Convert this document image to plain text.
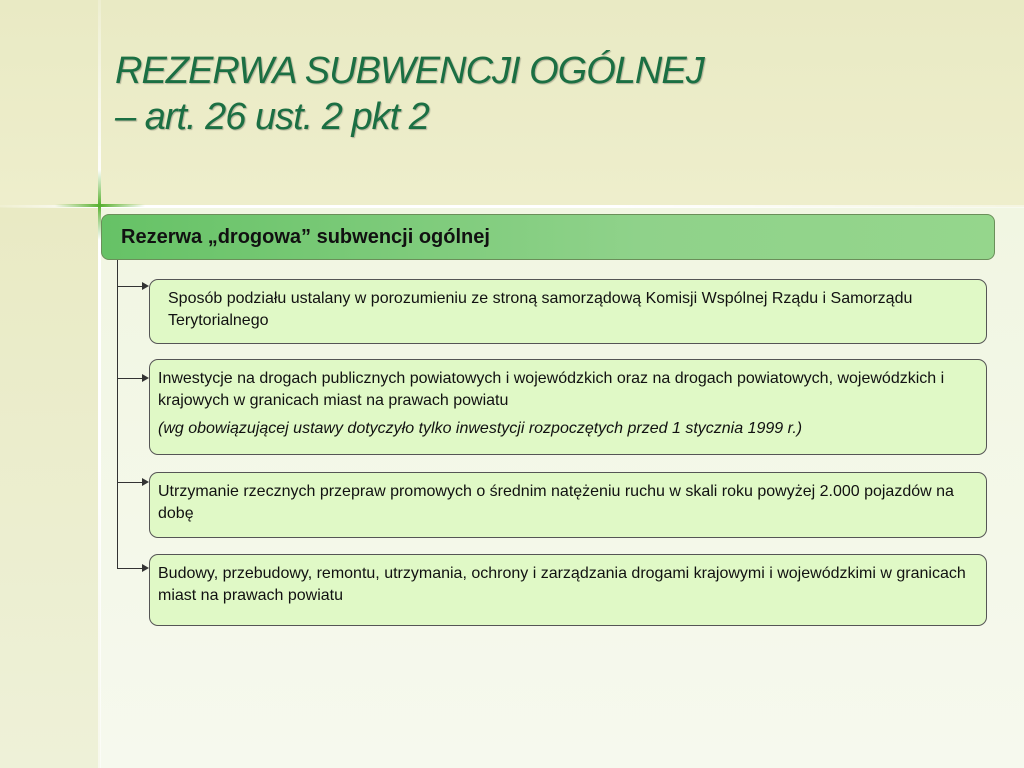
REZERWA SUBWENCJI OGÓLNEJ
– art. 26 ust. 2 pkt 2
Rezerwa „drogowa” subwencji ogólnej

Sposób podziału ustalany w porozumieniu ze stroną samorządową Komisji Wspólnej Rządu i Samorządu Terytorialnego

Inwestycje na drogach publicznych powiatowych i wojewódzkich oraz na drogach powiatowych, wojewódzkich i krajowych w granicach miast na prawach powiatu

(wg obowiązującej ustawy dotyczyło tylko inwestycji rozpoczętych przed 1 stycznia 1999 r.)

Utrzymanie rzecznych przepraw promowych o średnim natężeniu ruchu w skali roku powyżej 2.000 pojazdów na dobę

Budowy, przebudowy, remontu, utrzymania, ochrony i zarządzania drogami krajowymi i wojewódzkimi w granicach miast na prawach powiatu
